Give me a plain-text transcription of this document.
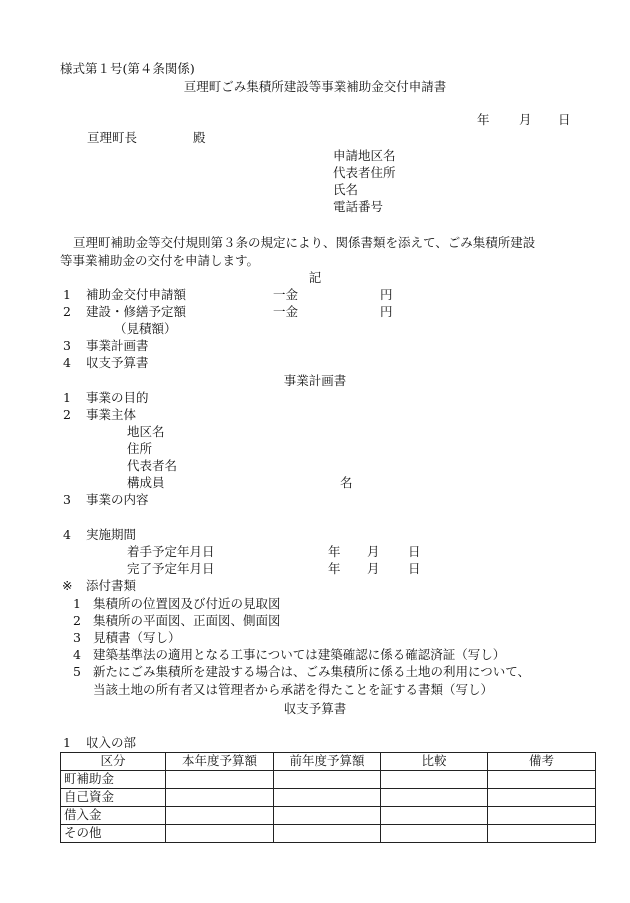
様式第１号(第４条関係)
亘理町ごみ集積所建設等事業補助金交付申請書
年 月 日
亘理町長	殿
申請地区名
代表者住所
氏名
電話番号
亘理町補助金等交付規則第３条の規定により、関係書類を添えて、ごみ集積所建設
等事業補助金の交付を申請します。
記
1 補助金交付申請額	一金	円
2 建設・修繕予定額	一金	円
（見積額）
3 事業計画書
4 収支予算書
事業計画書
1 事業の目的
2 事業主体
地区名
住所
代表者名
構成員	名
3 事業の内容
4 実施期間
着手予定年月日	年 月 日
完了予定年月日	年 月 日
※ 添付書類
1 集積所の位置図及び付近の見取図
2 集積所の平面図、正面図、側面図
3 見積書（写し）
4 建築基準法の適用となる工事については建築確認に係る確認済証（写し）
5 新たにごみ集積所を建設する場合は、ごみ集積所に係る土地の利用について、
当該土地の所有者又は管理者から承諾を得たことを証する書類（写し）
収支予算書
1 収入の部
区分	本年度予算額	前年度予算額	比較	備考
町補助金				
自己資金				
借入金				
その他				
